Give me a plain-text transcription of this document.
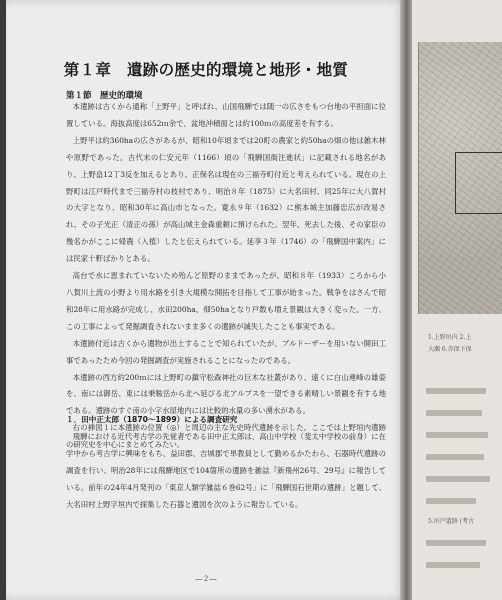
第１章　遺跡の歴史的環境と地形・地質
第１節　歴史的環境

本遺跡は古くから通称「上野平」と呼ばれ、山国飛騨では随一の広さをもつ台地の平担面に位置している。海抜高度は652ｍ余で、盆地沖積面とは約100ｍの高度差を有する。

上野平は約360haの広さがあるが、昭和10年頃までは20町の農家と約50haの畑の他は雑木林や原野であった。古代末の仁安元年（1166）頃の「飛騨国衙注進状」に記載される地名があり、上野畠12丁3反を加えるとあり、正保名は現在の三福寺町付近と考えられている。現在の上野町は江戸時代まで三福寺村の枝村であり、明治８年（1875）に大名田村、同25年に大八賀村の大字となり、昭和30年に高山市となった。寛永９年（1632）に熊本城主加藤忠広が改易され、その子光正（清正の孫）が高山城主金森重頼に預けられた。翌年、死去した後、その家臣の幾名かがここに帰農（入植）したと伝えられている。延享３年（1746）の「飛騨国中案内」には民家十軒ばかりとある。

高台で水に恵まれていないため殆んど原野のままであったが、昭和８年（1933）ころから小八賀川上流の小野より用水路を引き大規模な開拓を目指して工事が始まった。戦争をはさんで昭和28年に用水路が完成し、水田200ha、畑50haとなり戸数も増え景観は大きく変った。一方、この工事によって発掘調査されないまま多くの遺跡が滅失したことも事実である。

本遺跡付近は古くから遺物が出土することで知られていたが、ブルドーザーを用いない開田工事であったため今回の発掘調査が実施されることになったのである。

本遺跡の西方約200ｍには上野町の鎮守松森神社の巨木な社叢があり、遠くに白山連峰の雄姿を、南には御岳、東には乗鞍岳から北へ延びる北アルプスを一望できる素晴しい景観を有する地である。遺跡のすぐ南の小字水屋地内には比較的水量の多い湧水がある。

右の挿図１に本遺跡の位置（◎）と周辺の主な先史時代遺跡を示した。ここでは上野垣内遺跡の研究史を中心にまとめてみたい。

１．田中正太郎（1870～1899）による調査研究

飛騨における近代考古学の先覚者である田中正太郎は、高山中学校（斐太中学校の前身）に在学中から考古学に興味をもち、益田郡、吉城郡で単教員として勤めるかたわら、石器時代遺跡の調査を行い、明治28年には飛騨地区で104箇所の遺跡を雑誌『新飛州26号、29号』に報告している。前年の24年4月発刊の「東京人類学雑誌６巻62号」に「飛騨国石世期の遺跡」と題して、大名田村上野字垣内で採集した石器と遺図を次のように報告している。

―２―
1.上野垣内 2.上
大瀬 6.赤保下保
5.垣戸遺跡 (考古
